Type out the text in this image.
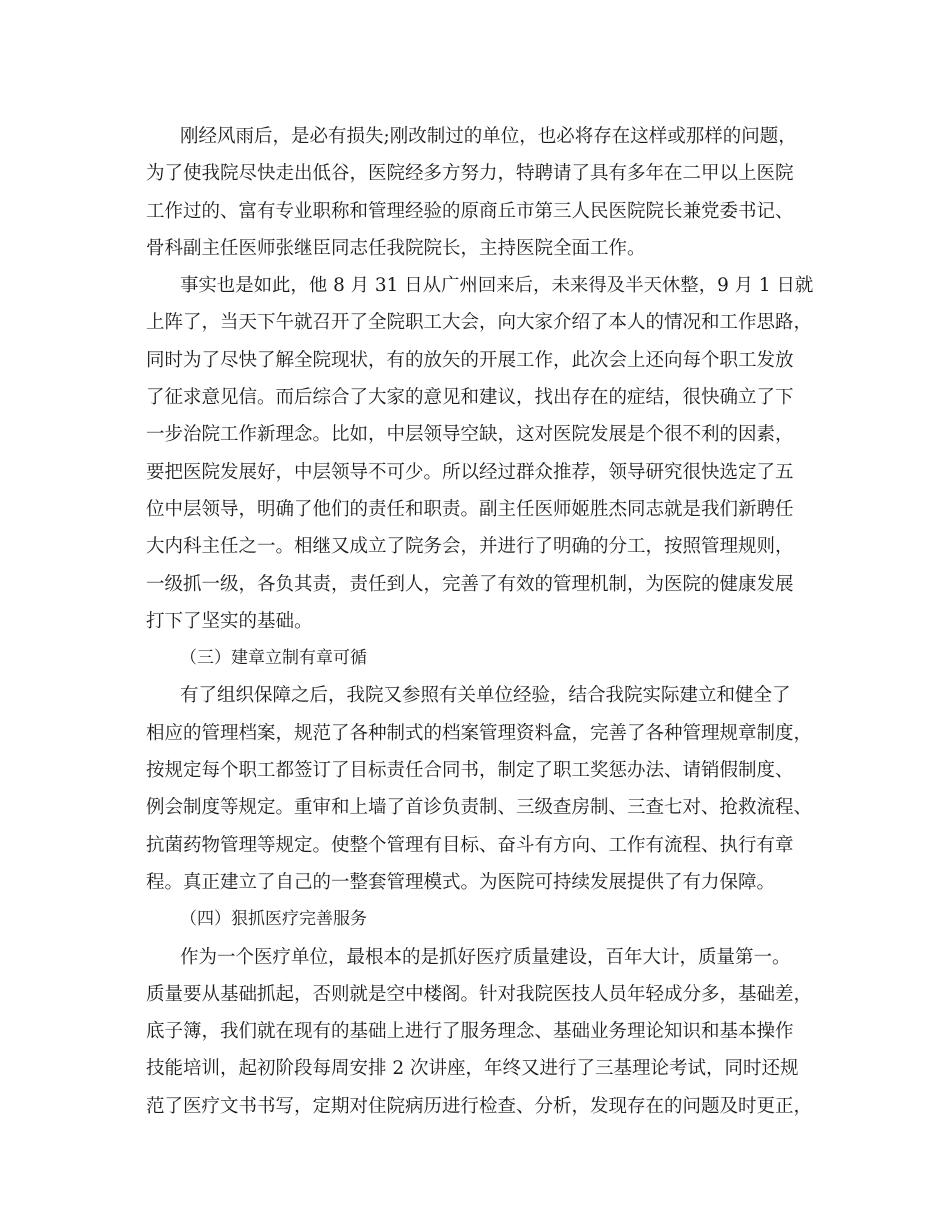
刚经风雨后，是必有损失;刚改制过的单位，也必将存在这样或那样的问题，
为了使我院尽快走出低谷，医院经多方努力，特聘请了具有多年在二甲以上医院
工作过的、富有专业职称和管理经验的原商丘市第三人民医院院长兼党委书记、
骨科副主任医师张继臣同志任我院院长，主持医院全面工作。
事实也是如此，他 8 月 31 日从广州回来后，未来得及半天休整，9 月 1 日就
上阵了，当天下午就召开了全院职工大会，向大家介绍了本人的情况和工作思路，
同时为了尽快了解全院现状，有的放矢的开展工作，此次会上还向每个职工发放
了征求意见信。而后综合了大家的意见和建议，找出存在的症结，很快确立了下
一步治院工作新理念。比如，中层领导空缺，这对医院发展是个很不利的因素，
要把医院发展好，中层领导不可少。所以经过群众推荐，领导研究很快选定了五
位中层领导，明确了他们的责任和职责。副主任医师姬胜杰同志就是我们新聘任
大内科主任之一。相继又成立了院务会，并进行了明确的分工，按照管理规则，
一级抓一级，各负其责，责任到人，完善了有效的管理机制，为医院的健康发展
打下了坚实的基础。
（三）建章立制有章可循
有了组织保障之后，我院又参照有关单位经验，结合我院实际建立和健全了
相应的管理档案，规范了各种制式的档案管理资料盒，完善了各种管理规章制度，
按规定每个职工都签订了目标责任合同书，制定了职工奖惩办法、请销假制度、
例会制度等规定。重审和上墙了首诊负责制、三级查房制、三查七对、抢救流程、
抗菌药物管理等规定。使整个管理有目标、奋斗有方向、工作有流程、执行有章
程。真正建立了自己的一整套管理模式。为医院可持续发展提供了有力保障。
（四）狠抓医疗完善服务
作为一个医疗单位，最根本的是抓好医疗质量建设，百年大计，质量第一。
质量要从基础抓起，否则就是空中楼阁。针对我院医技人员年轻成分多，基础差，
底子簿，我们就在现有的基础上进行了服务理念、基础业务理论知识和基本操作
技能培训，起初阶段每周安排 2 次讲座，年终又进行了三基理论考试，同时还规
范了医疗文书书写，定期对住院病历进行检查、分析，发现存在的问题及时更正，
